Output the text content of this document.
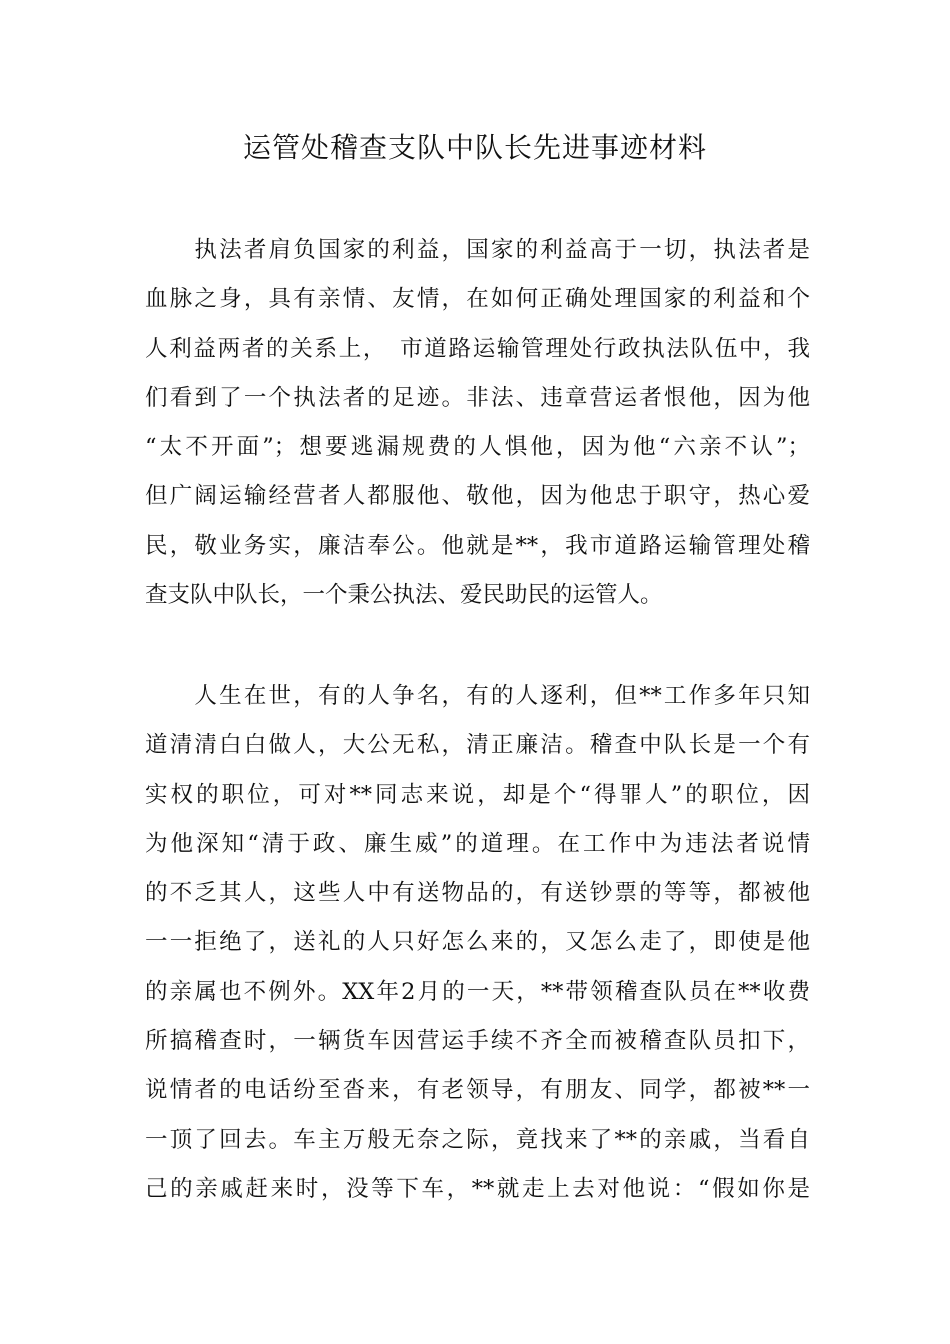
运管处稽查支队中队长先进事迹材料
　　执法者肩负国家的利益，国家的利益高于一切，执法者是
血脉之身，具有亲情、友情，在如何正确处理国家的利益和个
人利益两者的关系上，　市道路运输管理处行政执法队伍中，我
们看到了一个执法者的足迹。非法、违章营运者恨他，因为他
“太不开面”；想要逃漏规费的人惧他，因为他“六亲不认”；
但广阔运输经营者人都服他、敬他，因为他忠于职守，热心爱
民，敬业务实，廉洁奉公。他就是**，我市道路运输管理处稽
查支队中队长，一个秉公执法、爱民助民的运管人。
　　人生在世，有的人争名，有的人逐利，但**工作多年只知
道清清白白做人，大公无私，清正廉洁。稽查中队长是一个有
实权的职位，可对**同志来说，却是个“得罪人”的职位，因
为他深知“清于政、廉生威”的道理。在工作中为违法者说情
的不乏其人，这些人中有送物品的，有送钞票的等等，都被他
一一拒绝了，送礼的人只好怎么来的，又怎么走了，即使是他
的亲属也不例外。XX年2月的一天，**带领稽查队员在**收费
所搞稽查时，一辆货车因营运手续不齐全而被稽查队员扣下，
说情者的电话纷至沓来，有老领导，有朋友、同学，都被**一
一顶了回去。车主万般无奈之际，竟找来了**的亲戚，当看自
己的亲戚赶来时，没等下车，**就走上去对他说：“假如你是
